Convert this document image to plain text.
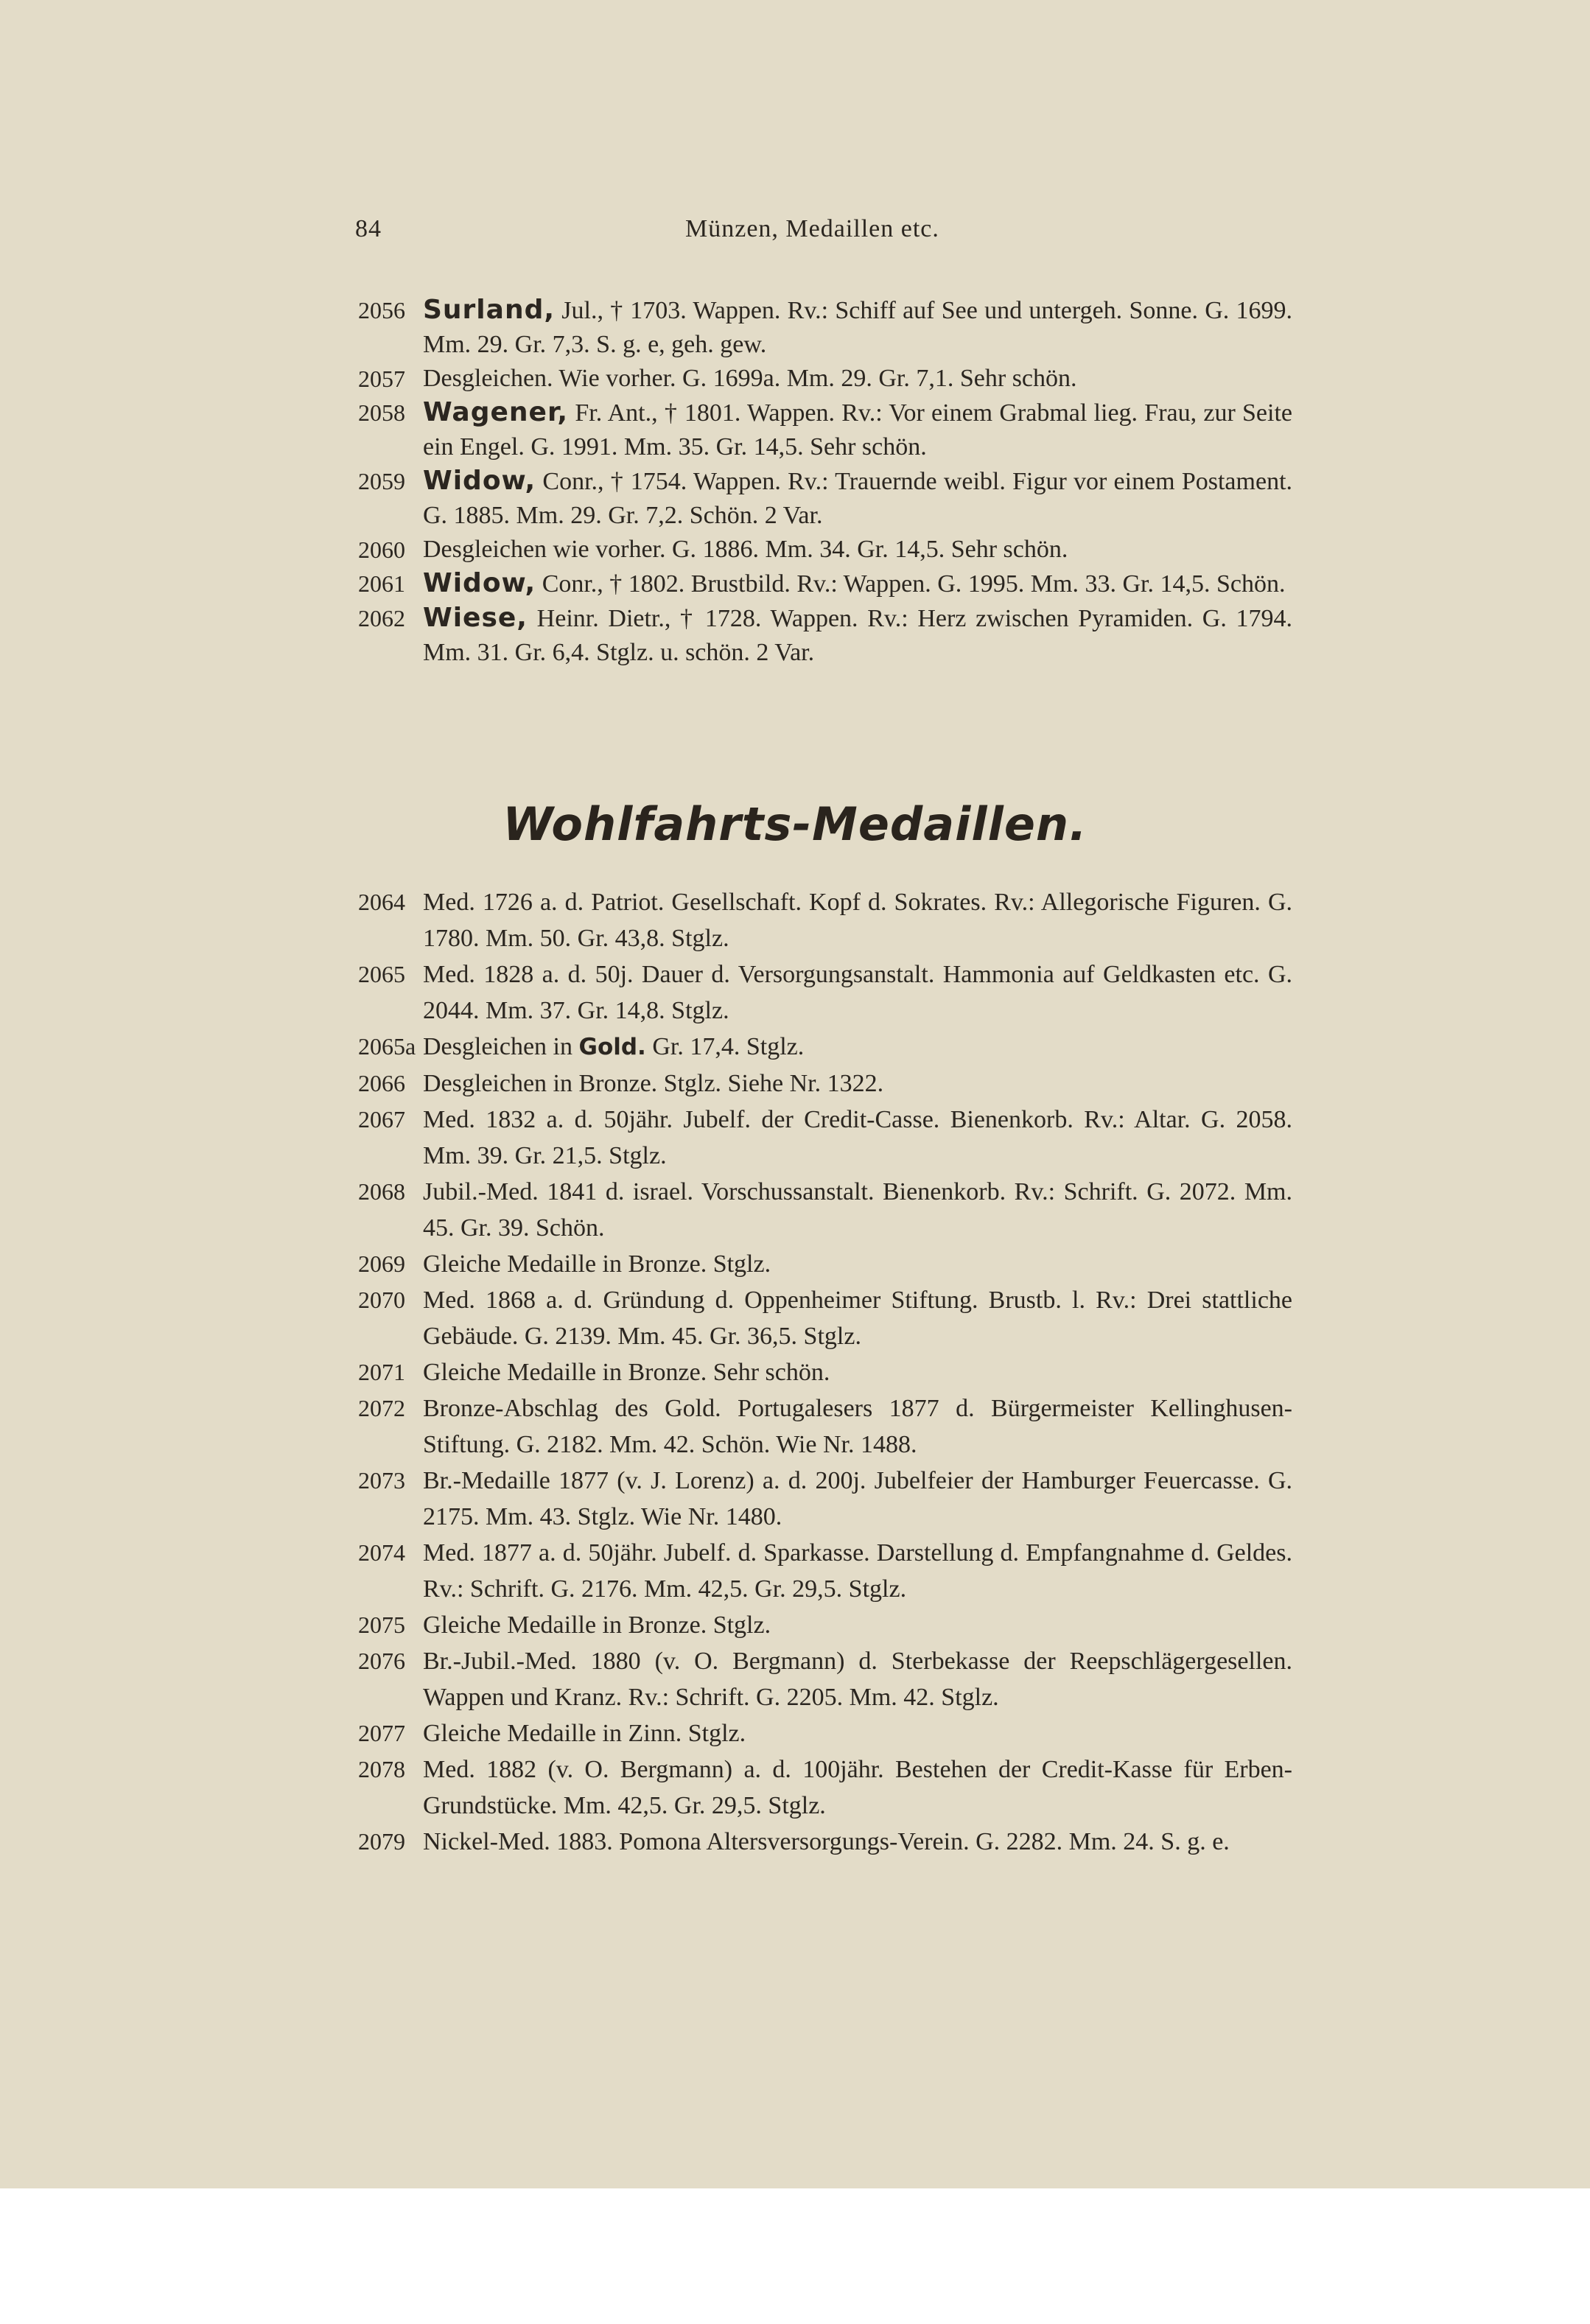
84	Münzen, Medaillen etc.
2056 Surland, Jul., † 1703. Wappen. Rv.: Schiff auf See und untergeh. Sonne. G. 1699. Mm. 29. Gr. 7,3. S. g. e, geh. gew.
2057 Desgleichen. Wie vorher. G. 1699a. Mm. 29. Gr. 7,1. Sehr schön.
2058 Wagener, Fr. Ant., † 1801. Wappen. Rv.: Vor einem Grabmal lieg. Frau, zur Seite ein Engel. G. 1991. Mm. 35. Gr. 14,5. Sehr schön.
2059 Widow, Conr., † 1754. Wappen. Rv.: Trauernde weibl. Figur vor einem Postament. G. 1885. Mm. 29. Gr. 7,2. Schön. 2 Var.
2060 Desgleichen wie vorher. G. 1886. Mm. 34. Gr. 14,5. Sehr schön.
2061 Widow, Conr., † 1802. Brustbild. Rv.: Wappen. G. 1995. Mm. 33. Gr. 14,5. Schön.
2062 Wiese, Heinr. Dietr., † 1728. Wappen. Rv.: Herz zwischen Pyramiden. G. 1794. Mm. 31. Gr. 6,4. Stglz. u. schön. 2 Var.
Wohlfahrts-Medaillen.
2064 Med. 1726 a. d. Patriot. Gesellschaft. Kopf d. Sokrates. Rv.: Allegorische Figuren. G. 1780. Mm. 50. Gr. 43,8. Stglz.
2065 Med. 1828 a. d. 50j. Dauer d. Versorgungsanstalt. Hammonia auf Geldkasten etc. G. 2044. Mm. 37. Gr. 14,8. Stglz.
2065a Desgleichen in Gold. Gr. 17,4. Stglz.
2066 Desgleichen in Bronze. Stglz. Siehe Nr. 1322.
2067 Med. 1832 a. d. 50jähr. Jubelf. der Credit-Casse. Bienenkorb. Rv.: Altar. G. 2058. Mm. 39. Gr. 21,5. Stglz.
2068 Jubil.-Med. 1841 d. israel. Vorschussanstalt. Bienenkorb. Rv.: Schrift. G. 2072. Mm. 45. Gr. 39. Schön.
2069 Gleiche Medaille in Bronze. Stglz.
2070 Med. 1868 a. d. Gründung d. Oppenheimer Stiftung. Brustb. l. Rv.: Drei stattliche Gebäude. G. 2139. Mm. 45. Gr. 36,5. Stglz.
2071 Gleiche Medaille in Bronze. Sehr schön.
2072 Bronze-Abschlag des Gold. Portugalesers 1877 d. Bürgermeister Kellinghusen-Stiftung. G. 2182. Mm. 42. Schön. Wie Nr. 1488.
2073 Br.-Medaille 1877 (v. J. Lorenz) a. d. 200j. Jubelfeier der Hamburger Feuercasse. G. 2175. Mm. 43. Stglz. Wie Nr. 1480.
2074 Med. 1877 a. d. 50jähr. Jubelf. d. Sparkasse. Darstellung d. Empfangnahme d. Geldes. Rv.: Schrift. G. 2176. Mm. 42,5. Gr. 29,5. Stglz.
2075 Gleiche Medaille in Bronze. Stglz.
2076 Br.-Jubil.-Med. 1880 (v. O. Bergmann) d. Sterbekasse der Reepschlägergesellen. Wappen und Kranz. Rv.: Schrift. G. 2205. Mm. 42. Stglz.
2077 Gleiche Medaille in Zinn. Stglz.
2078 Med. 1882 (v. O. Bergmann) a. d. 100jähr. Bestehen der Credit-Kasse für Erben-Grundstücke. Mm. 42,5. Gr. 29,5. Stglz.
2079 Nickel-Med. 1883. Pomona Altersversorgungs-Verein. G. 2282. Mm. 24. S. g. e.
